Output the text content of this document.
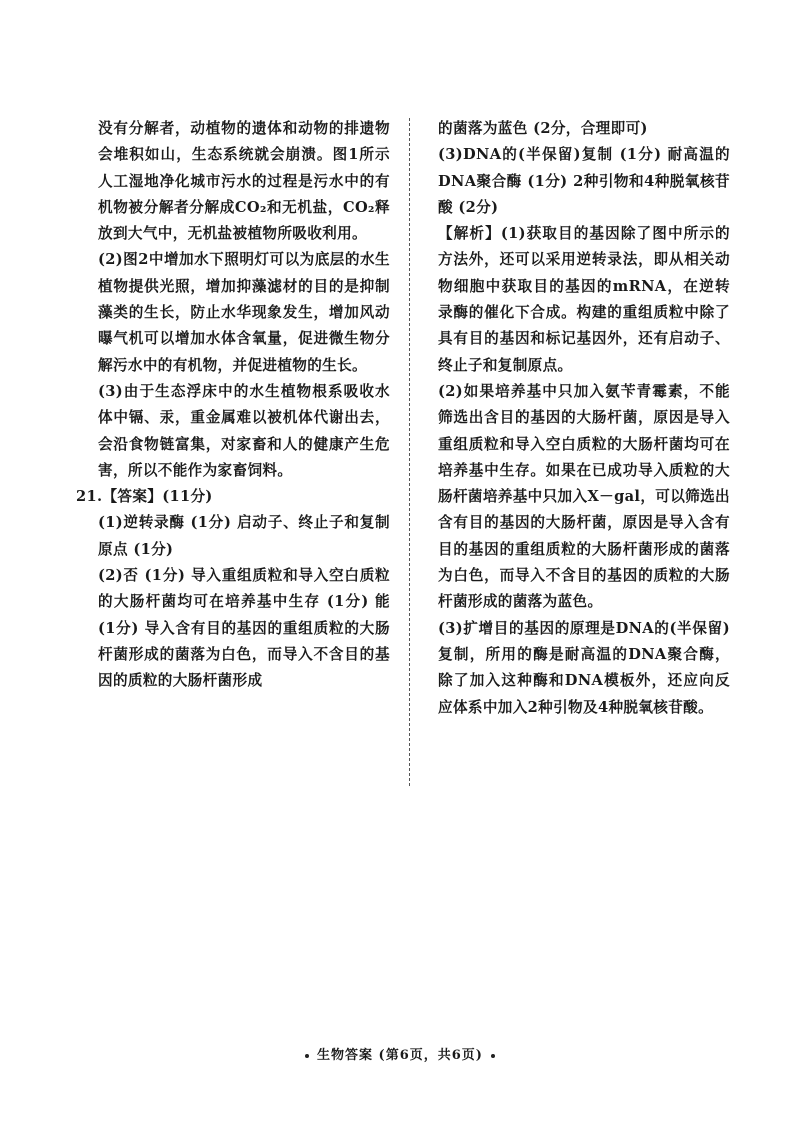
没有分解者，动植物的遗体和动物的排遗物会堆积如山，生态系统就会崩溃。图1所示人工湿地净化城市污水的过程是污水中的有机物被分解者分解成CO₂和无机盐，CO₂释放到大气中，无机盐被植物所吸收利用。

(2)图2中增加水下照明灯可以为底层的水生植物提供光照，增加抑藻滤材的目的是抑制藻类的生长，防止水华现象发生，增加风动曝气机可以增加水体含氧量，促进微生物分解污水中的有机物，并促进植物的生长。

(3)由于生态浮床中的水生植物根系吸收水体中镉、汞，重金属难以被机体代谢出去，会沿食物链富集，对家畜和人的健康产生危害，所以不能作为家畜饲料。

21.【答案】(11分)

(1)逆转录酶 (1分) 启动子、终止子和复制原点 (1分)

(2)否 (1分) 导入重组质粒和导入空白质粒的大肠杆菌均可在培养基中生存 (1分) 能 (1分) 导入含有目的基因的重组质粒的大肠杆菌形成的菌落为白色，而导入不含目的基因的质粒的大肠杆菌形成

的菌落为蓝色 (2分，合理即可)

(3)DNA的(半保留)复制 (1分) 耐高温的DNA聚合酶 (1分) 2种引物和4种脱氧核苷酸 (2分)

【解析】(1)获取目的基因除了图中所示的方法外，还可以采用逆转录法，即从相关动物细胞中获取目的基因的mRNA，在逆转录酶的催化下合成。构建的重组质粒中除了具有目的基因和标记基因外，还有启动子、终止子和复制原点。

(2)如果培养基中只加入氨苄青霉素，不能筛选出含目的基因的大肠杆菌，原因是导入重组质粒和导入空白质粒的大肠杆菌均可在培养基中生存。如果在已成功导入质粒的大肠杆菌培养基中只加入X－gal，可以筛选出含有目的基因的大肠杆菌，原因是导入含有目的基因的重组质粒的大肠杆菌形成的菌落为白色，而导入不含目的基因的质粒的大肠杆菌形成的菌落为蓝色。

(3)扩增目的基因的原理是DNA的(半保留)复制，所用的酶是耐高温的DNA聚合酶，除了加入这种酶和DNA模板外，还应向反应体系中加入2种引物及4种脱氧核苷酸。

生物答案 (第6页，共6页)
